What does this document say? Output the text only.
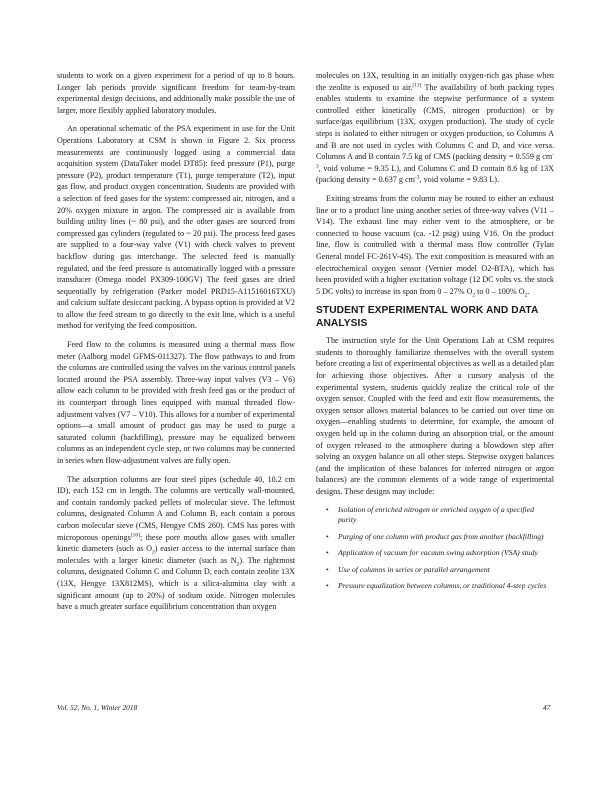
students to work on a given experiment for a period of up to 8 hours. Longer lab periods provide significant freedom for team-by-team experimental design decisions, and additionally make possible the use of larger, more flexibly applied laboratory modules.

An operational schematic of the PSA experiment in use for the Unit Operations Laboratory at CSM is shown in Figure 2. Six process measurements are continuously logged using a commercial data acquisition system (DataTaker model DT85): feed pressure (P1), purge pressure (P2), product temperature (T1), purge temperature (T2), input gas flow, and product oxygen concentration. Students are provided with a selection of feed gases for the system: compressed air, nitrogen, and a 20% oxygen mixture in argon. The compressed air is available from building utility lines (~ 80 psi), and the other gases are sourced from compressed gas cylinders (regulated to ~ 20 psi). The process feed gases are supplied to a four-way valve (V1) with check valves to prevent backflow during gas interchange. The selected feed is manually regulated, and the feed pressure is automatically logged with a pressure transducer (Omega model PX309-100GV) The feed gases are dried sequentially by refrigeration (Parker model PRD15-A11516016TXU) and calcium sulfate desiccant packing. A bypass option is provided at V2 to allow the feed stream to go directly to the exit line, which is a useful method for verifying the feed composition.

Feed flow to the columns is measured using a thermal mass flow meter (Aalborg model GFMS-011327). The flow pathways to and from the columns are controlled using the valves on the various control panels located around the PSA assembly. Three-way input valves (V3 – V6) allow each column to be provided with fresh feed gas or the product of its counterpart through lines equipped with manual threaded flow-adjustment valves (V7 – V10). This allows for a number of experimental options—a small amount of product gas may be used to purge a saturated column (backfilling), pressure may be equalized between columns as an independent cycle step, or two columns may be connected in series when flow-adjustment valves are fully open.

The adsorption columns are four steel pipes (schedule 40, 10.2 cm ID), each 152 cm in length. The columns are vertically wall-mounted, and contain randomly packed pellets of molecular sieve. The leftmost columns, designated Column A and Column B, each contain a porous carbon molecular sieve (CMS, Hengye CMS 260). CMS has pores with microporous openings[10]; these pore mouths allow gases with smaller kinetic diameters (such as $O_2$) easier access to the internal surface than molecules with a larger kinetic diameter (such as $N_2$). The rightmost columns, designated Column C and Column D, each contain zeolite 13X (13X, Hengye 13X812MS), which is a silica-alumina clay with a significant amount (up to 20%) of sodium oxide. Nitrogen molecules have a much greater surface equilibrium concentration than oxygen

molecules on 13X, resulting in an initially oxygen-rich gas phase when the zeolite is exposed to air.[11] The availability of both packing types enables students to examine the stepwise performance of a system controlled either kinetically (CMS, nitrogen production) or by surface/gas equilibrium (13X, oxygen production). The study of cycle steps is isolated to either nitrogen or oxygen production, so Columns A and B are not used in cycles with Columns C and D, and vice versa. Columns A and B contain 7.5 kg of CMS (packing density = 0.559 g $cm^{-3}$, void volume = 9.35 L), and Columns C and D contain 8.6 kg of 13X (packing density = 0.637 g $cm^{-3}$, void volume = 9.83 L).

Exiting streams from the column may be routed to either an exhaust line or to a product line using another series of three-way valves (V11 – V14). The exhaust line may either vent to the atmosphere, or be connected to house vacuum (ca. -12 psig) using V16. On the product line, flow is controlled with a thermal mass flow controller (Tylan General model FC-261V-4S). The exit composition is measured with an electrochemical oxygen sensor (Vernier model O2-BTA), which has been provided with a higher excitation voltage (12 DC volts vs. the stock 5 DC volts) to increase its span from 0 – 27% $O_2$ to 0 – 100% $O_2$.

STUDENT EXPERIMENTAL WORK AND DATA ANALYSIS

The instruction style for the Unit Operations Lab at CSM requires students to thoroughly familiarize themselves with the overall system before creating a list of experimental objectives as well as a detailed plan for achieving those objectives. After a cursory analysis of the experimental system, students quickly realize the critical role of the oxygen sensor. Coupled with the feed and exit flow measurements, the oxygen sensor allows material balances to be carried out over time on oxygen—enabling students to determine, for example, the amount of oxygen held up in the column during an absorption trial, or the amount of oxygen released to the atmosphere during a blowdown step after solving an oxygen balance on all other steps. Stepwise oxygen balances (and the implication of these balances for inferred nitrogen or argon balances) are the common elements of a wide range of experimental designs. These designs may include:

• Isolation of enriched nitrogen or enriched oxygen of a specified purity
• Purging of one column with product gas from another (backfilling)
• Application of vacuum for vacuum swing adsorption (VSA) study
• Use of columns in series or parallel arrangement
• Pressure equalization between columns, or traditional 4-step cycles
Vol. 52, No. 1, Winter 2018	47
